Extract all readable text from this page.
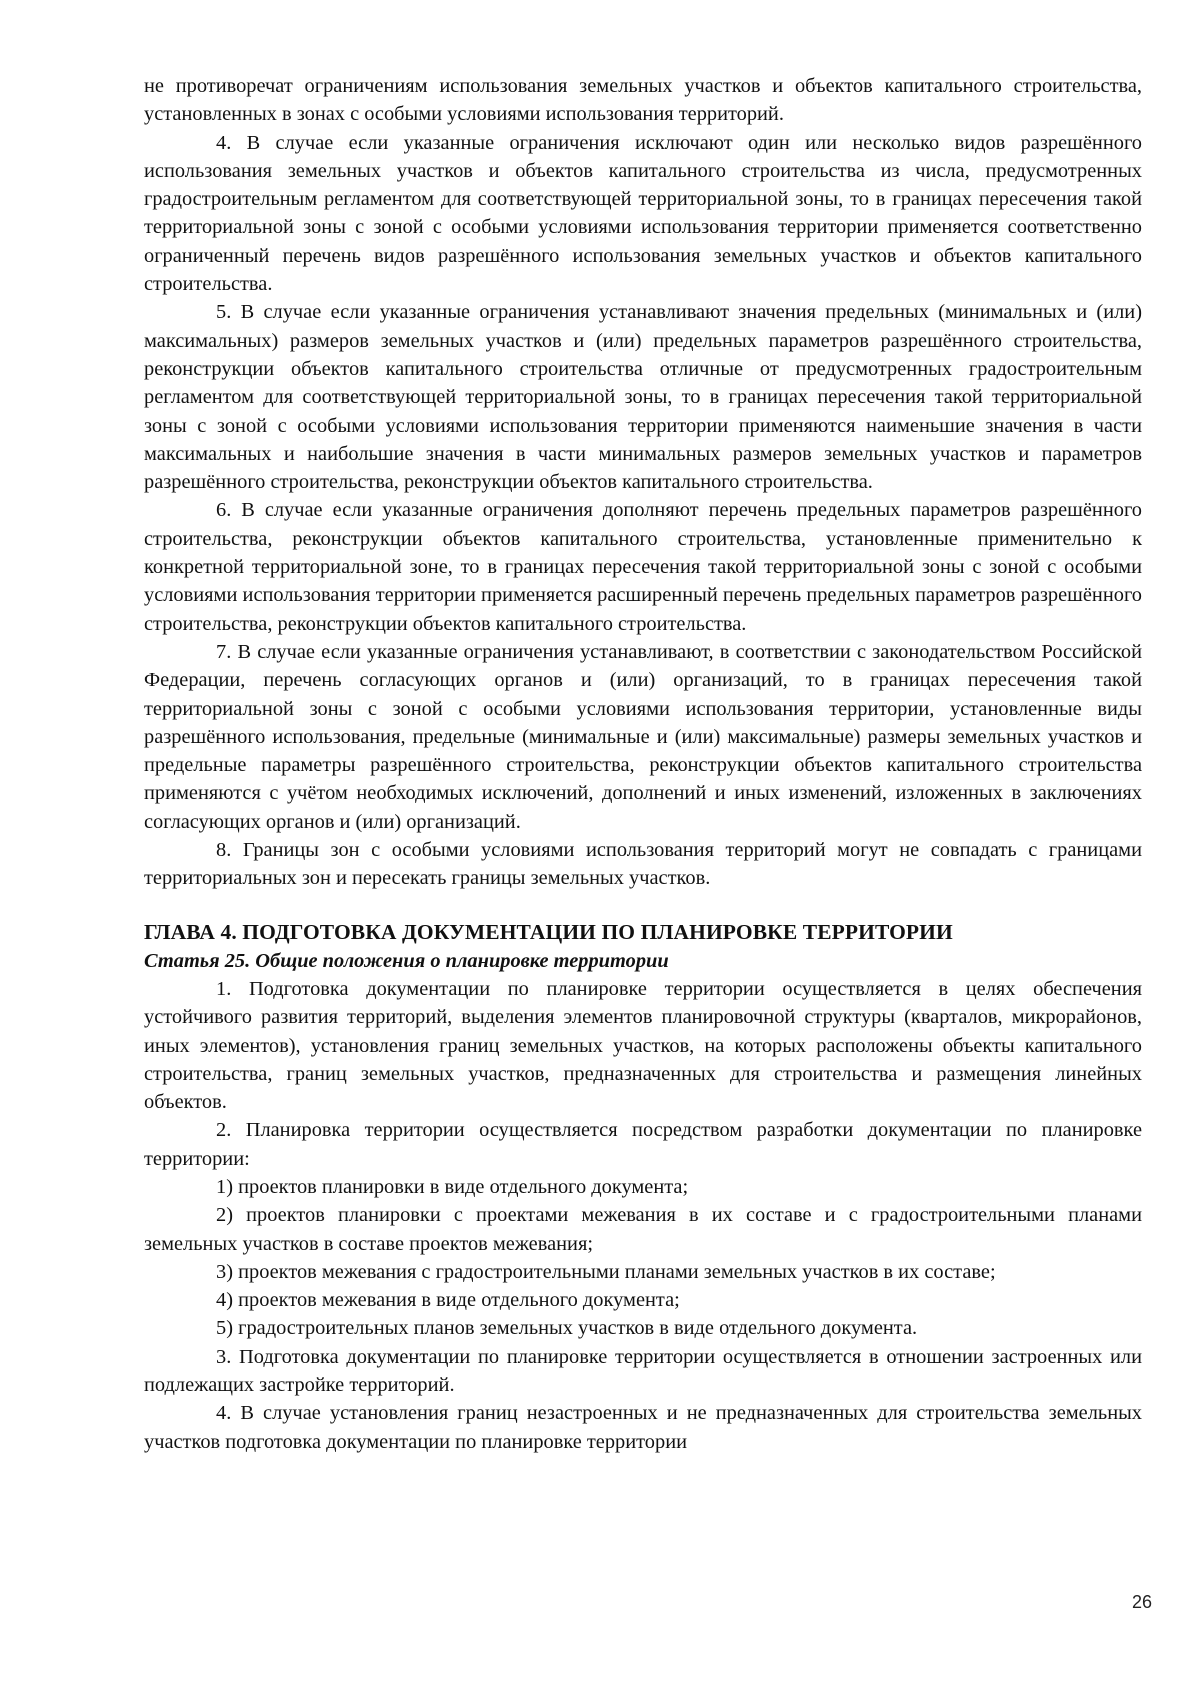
не противоречат ограничениям использования земельных участков и объектов капитального строительства, установленных в зонах с особыми условиями использования территорий.

4. В случае если указанные ограничения исключают один или несколько видов разрешённого использования земельных участков и объектов капитального строительства из числа, предусмотренных градостроительным регламентом для соответствующей территориальной зоны, то в границах пересечения такой территориальной зоны с зоной с особыми условиями использования территории применяется соответственно ограниченный перечень видов разрешённого использования земельных участков и объектов капитального строительства.

5. В случае если указанные ограничения устанавливают значения предельных (минимальных и (или) максимальных) размеров земельных участков и (или) предельных параметров разрешённого строительства, реконструкции объектов капитального строительства отличные от предусмотренных градостроительным регламентом для соответствующей территориальной зоны, то в границах пересечения такой территориальной зоны с зоной с особыми условиями использования территории применяются наименьшие значения в части максимальных и наибольшие значения в части минимальных размеров земельных участков и параметров разрешённого строительства, реконструкции объектов капитального строительства.

6. В случае если указанные ограничения дополняют перечень предельных параметров разрешённого строительства, реконструкции объектов капитального строительства, установленные применительно к конкретной территориальной зоне, то в границах пересечения такой территориальной зоны с зоной с особыми условиями использования территории применяется расширенный перечень предельных параметров разрешённого строительства, реконструкции объектов капитального строительства.

7. В случае если указанные ограничения устанавливают, в соответствии с законодательством Российской Федерации, перечень согласующих органов и (или) организаций, то в границах пересечения такой территориальной зоны с зоной с особыми условиями использования территории, установленные виды разрешённого использования, предельные (минимальные и (или) максимальные) размеры земельных участков и предельные параметры разрешённого строительства, реконструкции объектов капитального строительства применяются с учётом необходимых исключений, дополнений и иных изменений, изложенных в заключениях согласующих органов и (или) организаций.

8. Границы зон с особыми условиями использования территорий могут не совпадать с границами территориальных зон и пересекать границы земельных участков.

ГЛАВА 4. ПОДГОТОВКА ДОКУМЕНТАЦИИ ПО ПЛАНИРОВКЕ ТЕРРИТОРИИ

Статья 25. Общие положения о планировке территории

1. Подготовка документации по планировке территории осуществляется в целях обеспечения устойчивого развития территорий, выделения элементов планировочной структуры (кварталов, микрорайонов, иных элементов), установления границ земельных участков, на которых расположены объекты капитального строительства, границ земельных участков, предназначенных для строительства и размещения линейных объектов.

2. Планировка территории осуществляется посредством разработки документации по планировке территории:

1) проектов планировки в виде отдельного документа;

2) проектов планировки с проектами межевания в их составе и с градостроительными планами земельных участков в составе проектов межевания;

3) проектов межевания с градостроительными планами земельных участков в их составе;

4) проектов межевания в виде отдельного документа;

5) градостроительных планов земельных участков в виде отдельного документа.

3. Подготовка документации по планировке территории осуществляется в отношении застроенных или подлежащих застройке территорий.

4. В случае установления границ незастроенных и не предназначенных для строительства земельных участков подготовка документации по планировке территории

26
